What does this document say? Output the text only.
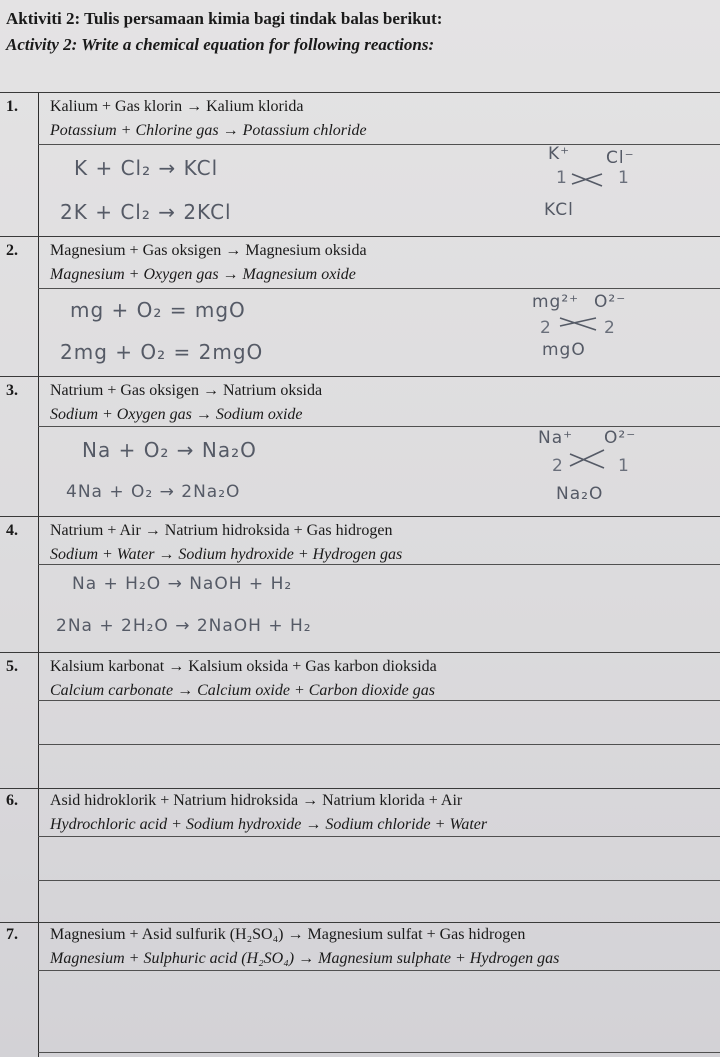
Aktiviti 2: Tulis persamaan kimia bagi tindak balas berikut:

Activity 2: Write a chemical equation for following reactions:

1. Kalium + Gas klorin → Kalium klorida
Potassium + Chlorine gas → Potassium chloride
K + Cl₂ → KCl
2K + Cl₂ → 2KCl
K⁺ Cl⁻
1	1
KCl
2. Magnesium + Gas oksigen → Magnesium oksida
Magnesium + Oxygen gas → Magnesium oxide
mg + O₂ = mgO
2mg + O₂ = 2mgO
mg²⁺ O²⁻
2	2
mgO
3. Natrium + Gas oksigen → Natrium oksida
Sodium + Oxygen gas → Sodium oxide
Na + O₂ → Na₂O
4Na + O₂ → 2Na₂O
Na⁺ O²⁻
2	1
Na₂O
4. Natrium + Air → Natrium hidroksida + Gas hidrogen
Sodium + Water → Sodium hydroxide + Hydrogen gas
Na + H₂O → NaOH + H₂
2Na + 2H₂O → 2NaOH + H₂
5. Kalsium karbonat → Kalsium oksida + Gas karbon dioksida
Calcium carbonate → Calcium oxide + Carbon dioxide gas
6. Asid hidroklorik + Natrium hidroksida → Natrium klorida + Air
Hydrochloric acid + Sodium hydroxide → Sodium chloride + Water
7. Magnesium + Asid sulfurik (H₂SO₄) → Magnesium sulfat + Gas hidrogen
Magnesium + Sulphuric acid (H₂SO₄) → Magnesium sulphate + Hydrogen gas
